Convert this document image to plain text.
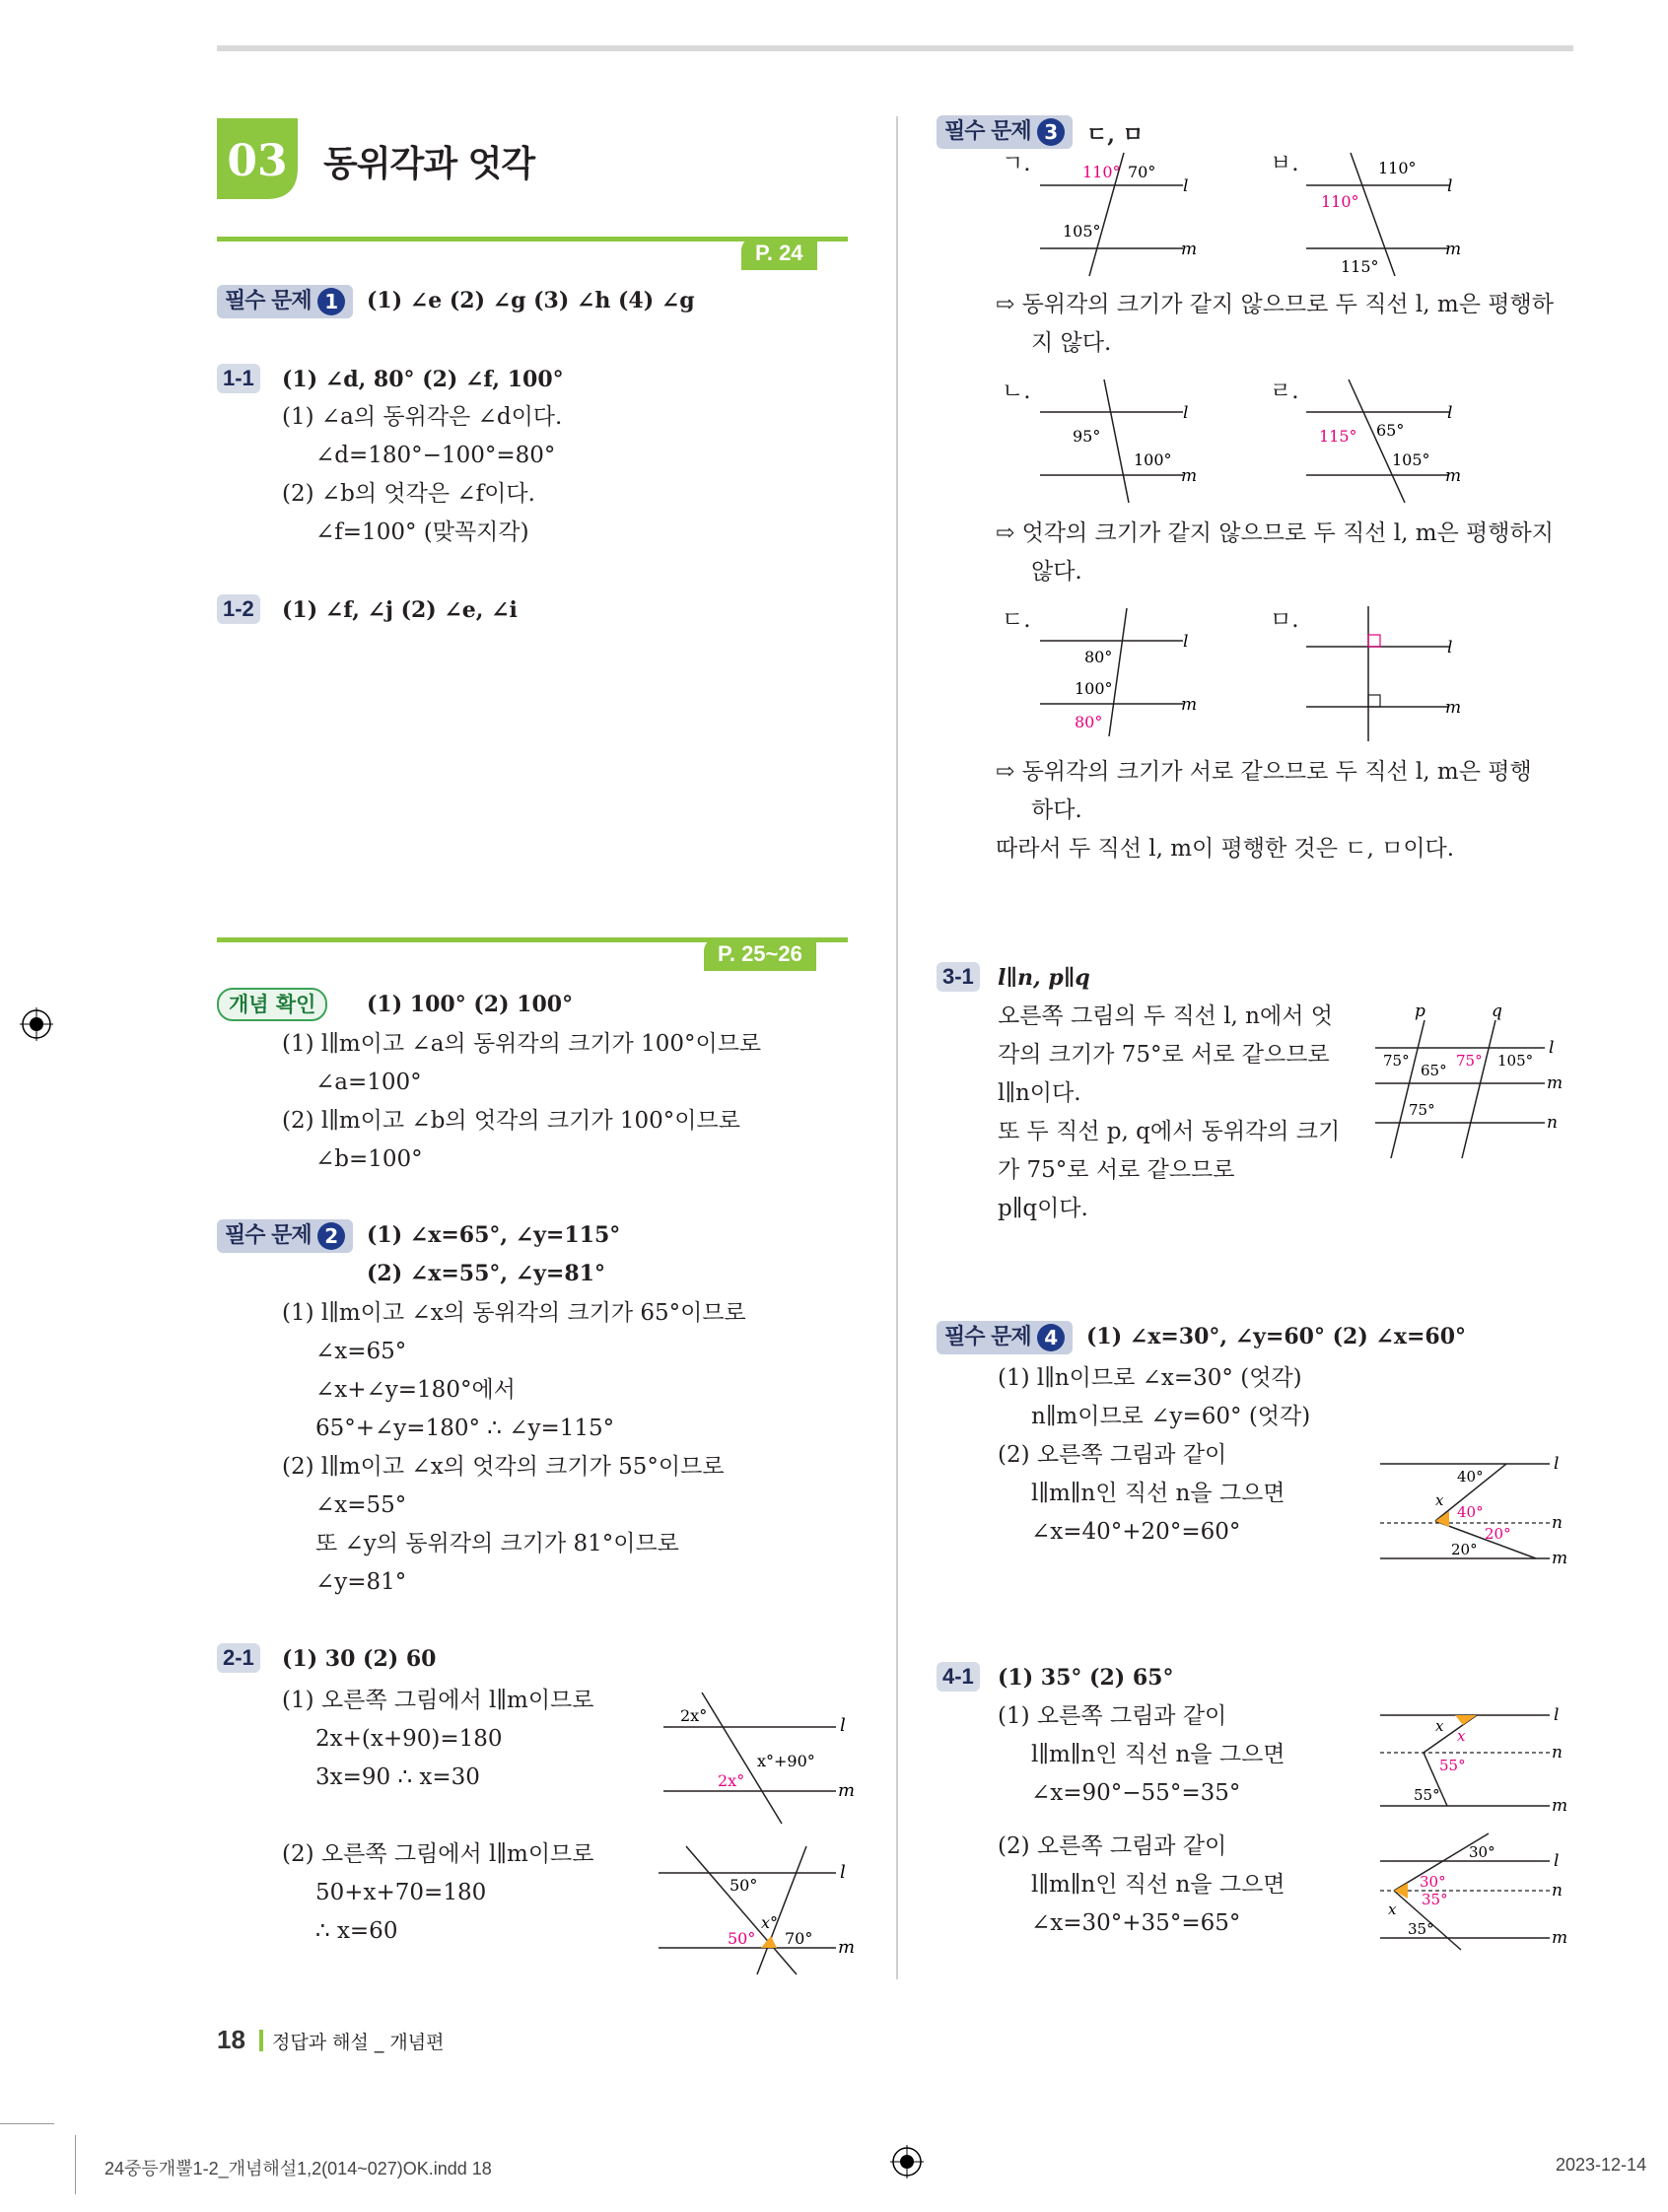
03 동위각과 엇각
P. 24
필수 문제 1	(1) ∠e (2) ∠g (3) ∠h (4) ∠g
1-1 (1) ∠d, 80° (2) ∠f, 100°
(1) ∠a의 동위각은 ∠d이다.
∠d=180°−100°=80°
(2) ∠b의 엇각은 ∠f이다.
∠f=100° (맞꼭지각)
1-2 (1) ∠f, ∠j (2) ∠e, ∠i
P. 25~26
개념 확인	(1) 100° (2) 100°
(1) l∥m이고 ∠a의 동위각의 크기가 100°이므로
∠a=100°
(2) l∥m이고 ∠b의 엇각의 크기가 100°이므로
∠b=100°
필수 문제 2	(1) ∠x=65°, ∠y=115°
(2) ∠x=55°, ∠y=81°
(1) l∥m이고 ∠x의 동위각의 크기가 65°이므로
∠x=65°
∠x+∠y=180°에서
65°+∠y=180° ∴ ∠y=115°
(2) l∥m이고 ∠x의 엇각의 크기가 55°이므로
∠x=55°
또 ∠y의 동위각의 크기가 81°이므로
∠y=81°
2-1 (1) 30 (2) 60
(1) 오른쪽 그림에서 l∥m이므로
2x+(x+90)=180
3x=90 ∴ x=30
(2) 오른쪽 그림에서 l∥m이므로
50+x+70=180
∴ x=60
l
m
2x°
2x°
x°+90°
l
m
50°
50°
x°
70°
필수 문제 3	ㄷ, ㅁ
ㄱ.
l
m
110° 70°
105°
ㅂ.
l
m
110°
110°
115°
⇨ 동위각의 크기가 같지 않으므로 두 직선 l, m은 평행하
지 않다.
ㄴ.
l
m
95°
100°
ㄹ.
l
m
115° 65°
105°
⇨ 엇각의 크기가 같지 않으므로 두 직선 l, m은 평행하지
않다.
ㄷ.
l
m
80°
100°
80°
ㅁ.
l
m
⇨ 동위각의 크기가 서로 같으므로 두 직선 l, m은 평행
하다.
따라서 두 직선 l, m이 평행한 것은 ㄷ, ㅁ이다.
3-1 l∥n, p∥q
오른쪽 그림의 두 직선 l, n에서 엇
각의 크기가 75°로 서로 같으므로
l∥n이다.
또 두 직선 p, q에서 동위각의 크기
가 75°로 서로 같으므로
p∥q이다.
p	q
l
m
n
75°
65°
75° 105°
75°
필수 문제 4	(1) ∠x=30°, ∠y=60° (2) ∠x=60°
(1) l∥n이므로 ∠x=30° (엇각)
n∥m이므로 ∠y=60° (엇각)
(2) 오른쪽 그림과 같이
l∥m∥n인 직선 n을 그으면
∠x=40°+20°=60°
l
n
m
40°
x
40°
20°
20°
4-1 (1) 35° (2) 65°
(1) 오른쪽 그림과 같이
l∥m∥n인 직선 n을 그으면
∠x=90°−55°=35°
(2) 오른쪽 그림과 같이
l∥m∥n인 직선 n을 그으면
∠x=30°+35°=65°
l
n
m
x
x
55°
55°
l
n
m
30°
30°
35°
x
35°
18	정답과 해설 _ 개념편
24중등개뿔1-2_개념해설1,2(014~027)OK.indd 18	2023-12-14
